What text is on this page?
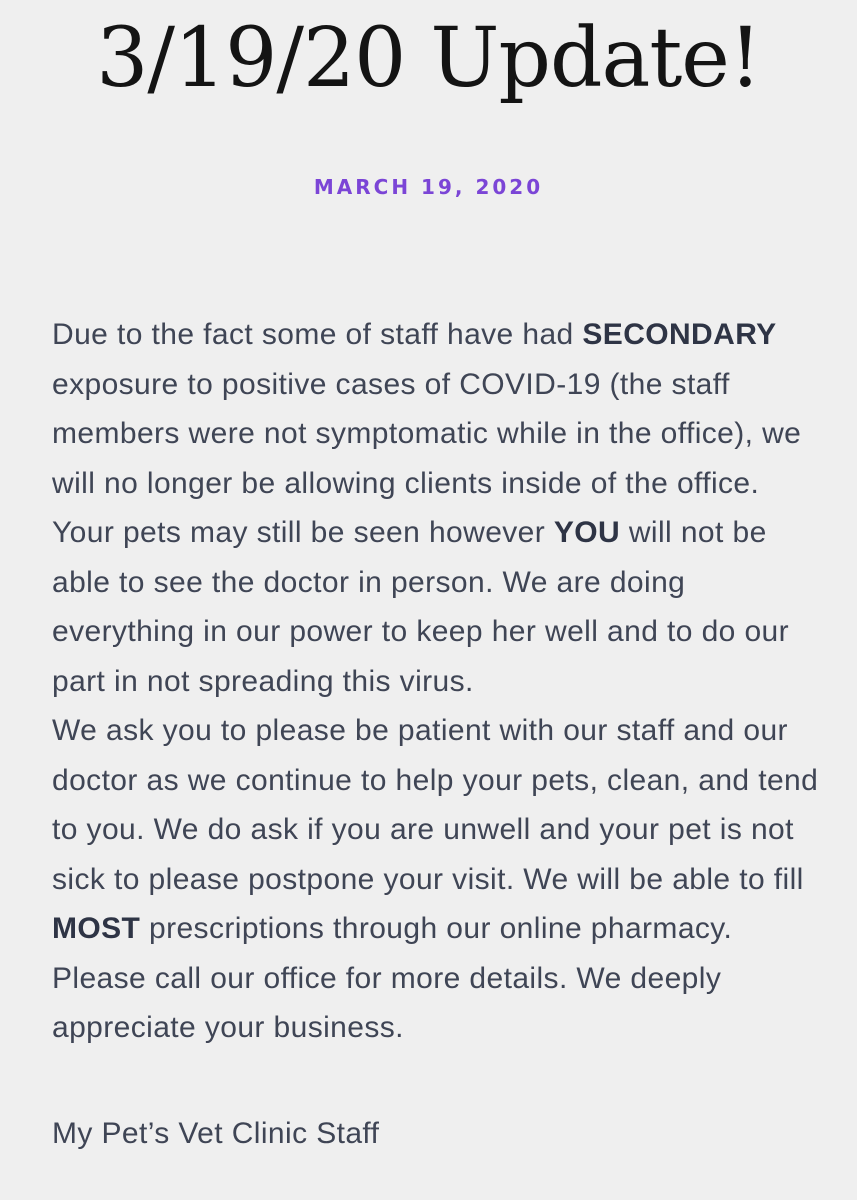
3/19/20 Update!
MARCH 19, 2020

Due to the fact some of staff have had SECONDARY exposure to positive cases of COVID-19 (the staff members were not symptomatic while in the office), we will no longer be allowing clients inside of the office. Your pets may still be seen however YOU will not be able to see the doctor in person. We are doing everything in our power to keep her well and to do our part in not spreading this virus.

We ask you to please be patient with our staff and our doctor as we continue to help your pets, clean, and tend to you. We do ask if you are unwell and your pet is not sick to please postpone your visit. We will be able to fill MOST prescriptions through our online pharmacy. Please call our office for more details. We deeply appreciate your business.

My Pet’s Vet Clinic Staff
